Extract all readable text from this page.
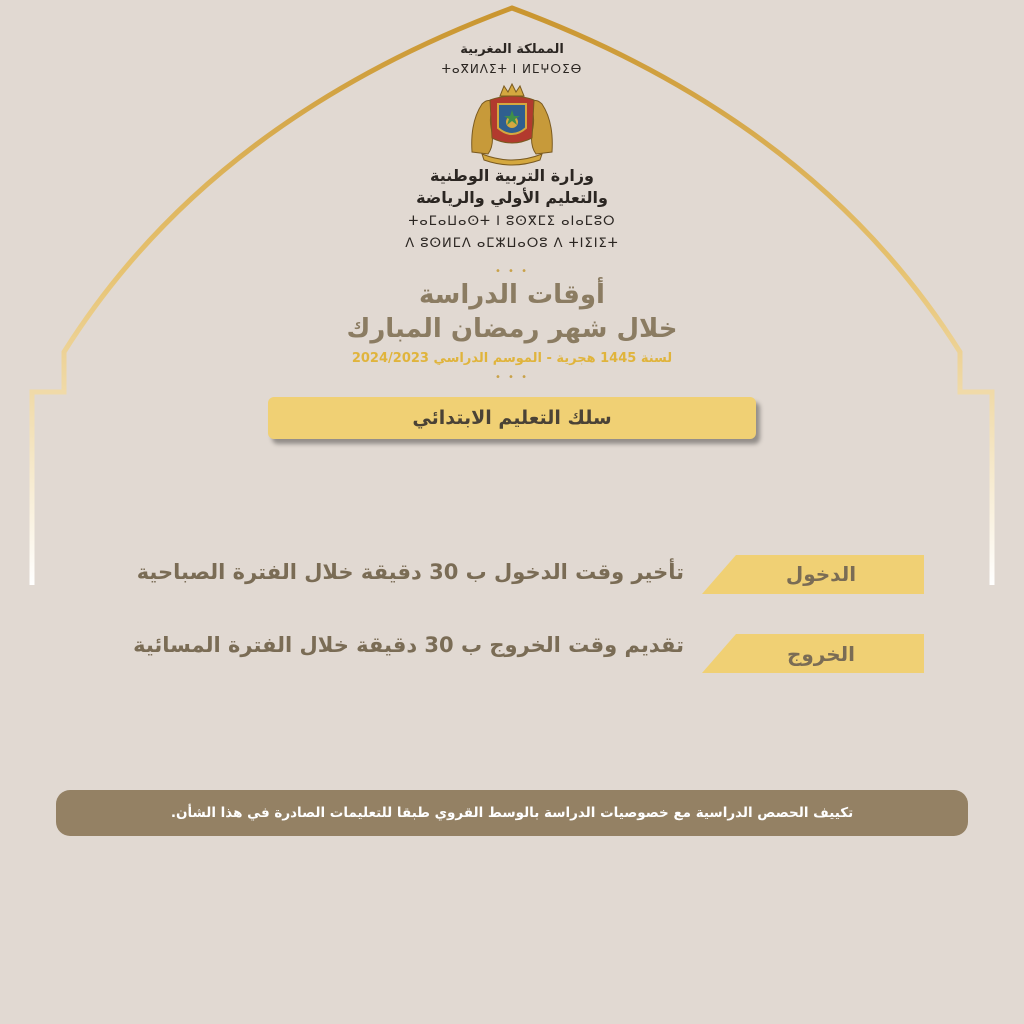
المملكة المغربية
ⵜⴰⴳⵍⴷⵉⵜ ⵏ ⵍⵎⵖⵔⵉⴱ
وزارة التربية الوطنية
والتعليم الأولي والرياضة
ⵜⴰⵎⴰⵡⴰⵙⵜ ⵏ ⵓⵙⴳⵎⵉ ⴰⵏⴰⵎⵓⵔ
ⴷ ⵓⵙⵍⵎⴷ ⴰⵎⵣⵡⴰⵔⵓ ⴷ ⵜⵏⵉⵏⵉⵜ
• • •
أوقات الدراسة
خلال شهر رمضان المبارك
لسنة 1445 هجرية - الموسم الدراسي 2024/2023
• • •
سلك التعليم الابتدائي
الدخول
تأخير وقت الدخول ب 30 دقيقة خلال الفترة الصباحية
الخروج
تقديم وقت الخروج ب 30 دقيقة خلال الفترة المسائية
تكييف الحصص الدراسية مع خصوصيات الدراسة بالوسط القروي طبقا للتعليمات الصادرة في هذا الشأن.
